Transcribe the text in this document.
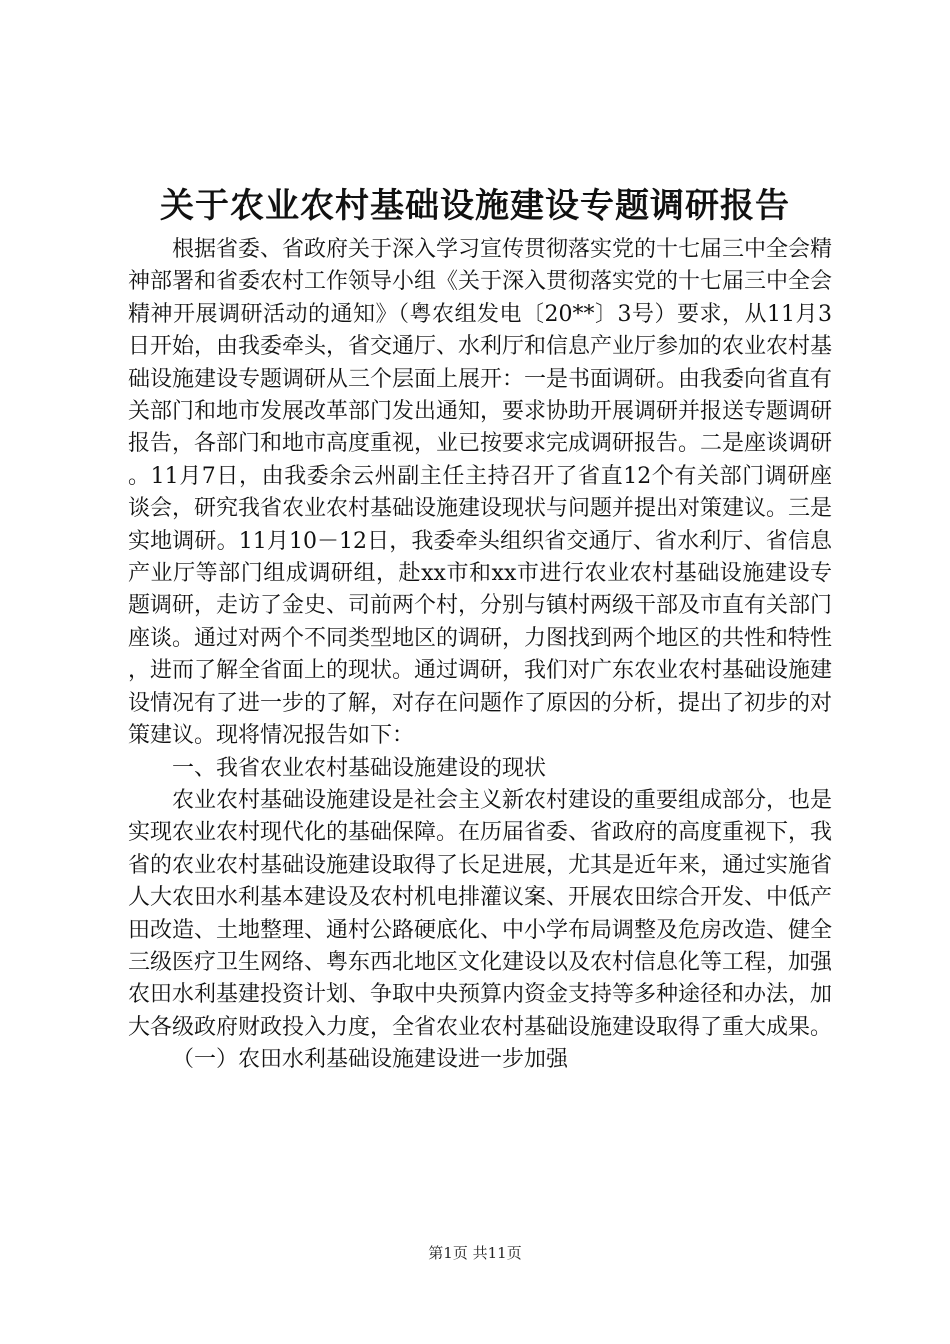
关于农业农村基础设施建设专题调研报告

根据省委、省政府关于深入学习宣传贯彻落实党的十七届三中全会精神部署和省委农村工作领导小组《关于深入贯彻落实党的十七届三中全会精神开展调研活动的通知》（粤农组发电〔20**〕3号）要求，从11月3日开始，由我委牵头，省交通厅、水利厅和信息产业厅参加的农业农村基础设施建设专题调研从三个层面上展开：一是书面调研。由我委向省直有关部门和地市发展改革部门发出通知，要求协助开展调研并报送专题调研报告，各部门和地市高度重视，业已按要求完成调研报告。二是座谈调研。11月7日，由我委余云州副主任主持召开了省直12个有关部门调研座谈会，研究我省农业农村基础设施建设现状与问题并提出对策建议。三是实地调研。11月10－12日，我委牵头组织省交通厅、省水利厅、省信息产业厅等部门组成调研组，赴xx市和xx市进行农业农村基础设施建设专题调研，走访了金史、司前两个村，分别与镇村两级干部及市直有关部门座谈。通过对两个不同类型地区的调研，力图找到两个地区的共性和特性，进而了解全省面上的现状。通过调研，我们对广东农业农村基础设施建设情况有了进一步的了解，对存在问题作了原因的分析，提出了初步的对策建议。现将情况报告如下：

一、我省农业农村基础设施建设的现状

农业农村基础设施建设是社会主义新农村建设的重要组成部分，也是实现农业农村现代化的基础保障。在历届省委、省政府的高度重视下，我省的农业农村基础设施建设取得了长足进展，尤其是近年来，通过实施省人大农田水利基本建设及农村机电排灌议案、开展农田综合开发、中低产田改造、土地整理、通村公路硬底化、中小学布局调整及危房改造、健全三级医疗卫生网络、粤东西北地区文化建设以及农村信息化等工程，加强农田水利基建投资计划、争取中央预算内资金支持等多种途径和办法，加大各级政府财政投入力度，全省农业农村基础设施建设取得了重大成果。

（一）农田水利基础设施建设进一步加强

第1页 共11页
